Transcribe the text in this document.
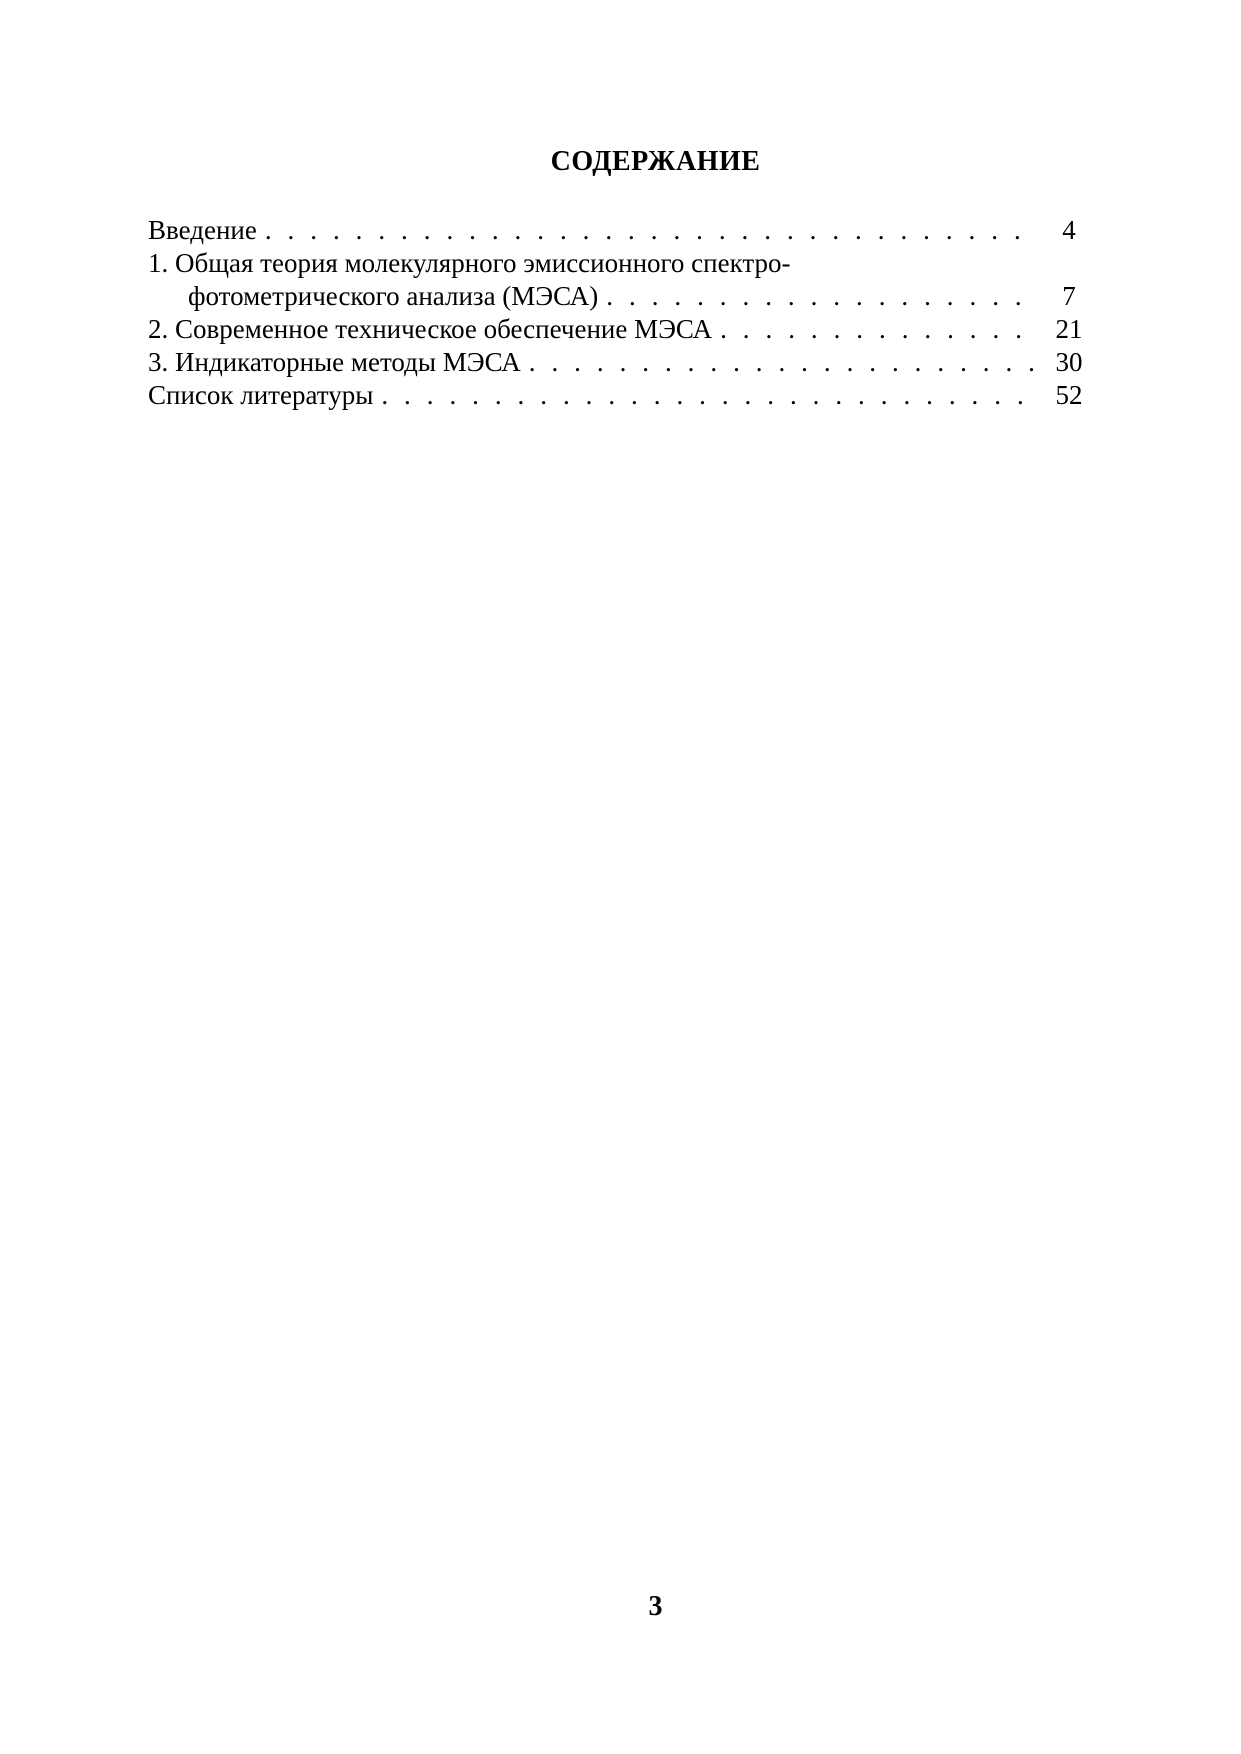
СОДЕРЖАНИЕ
Введение . . .	4
1. Общая теория молекулярного эмиссионного спектро-
фотометрического анализа (МЭСА) . . .	7
2. Современное техническое обеспечение МЭСА . . .	21
3. Индикаторные методы МЭСА . . .	30
Список литературы . . .	52
3
